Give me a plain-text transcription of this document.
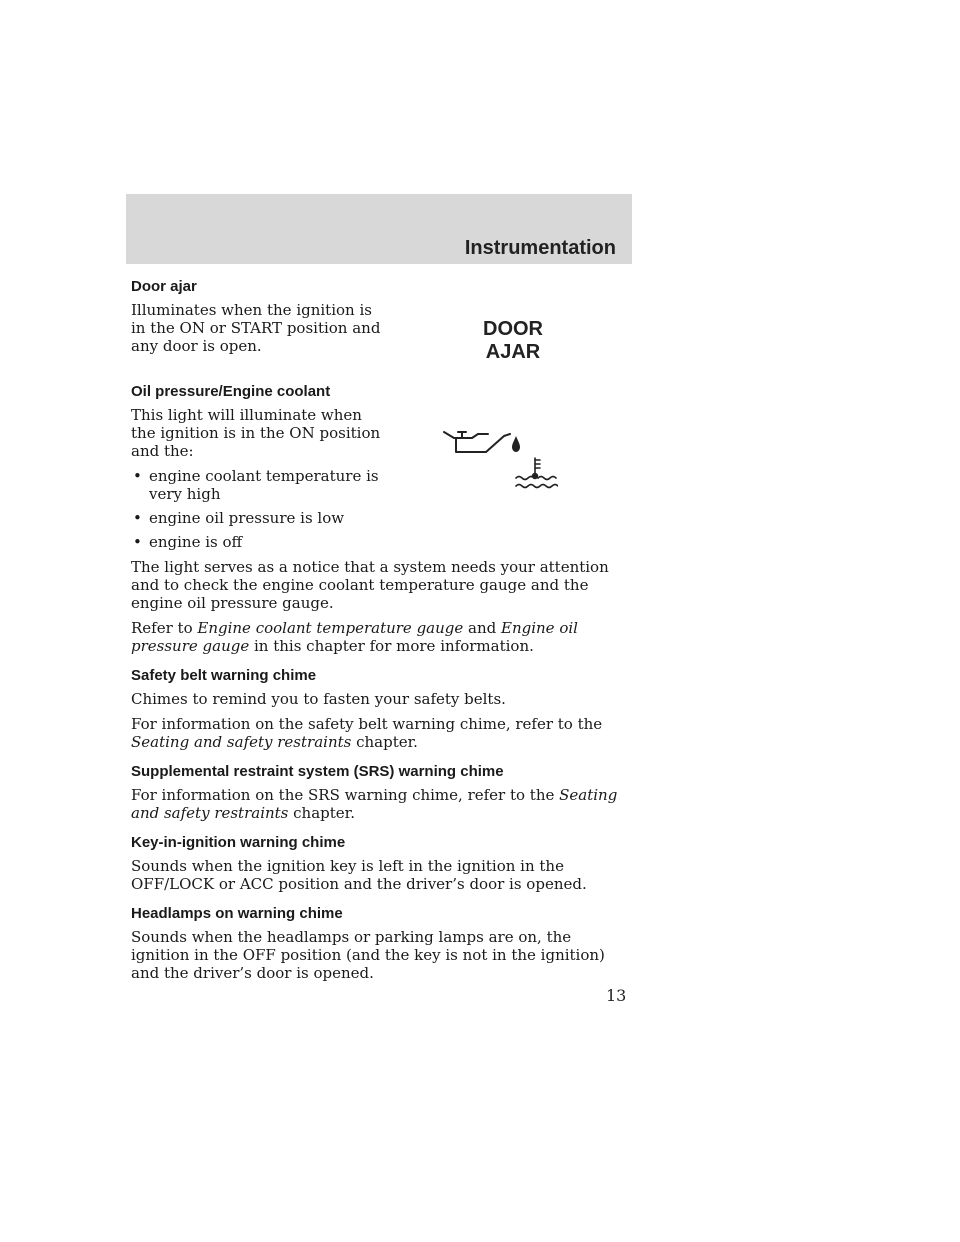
Instrumentation
DOOR
AJAR
Door ajar

Illuminates when the ignition is in the ON or START position and any door is open.

Oil pressure/Engine coolant

This light will illuminate when the ignition is in the ON position and the:

• engine coolant temperature is very high
• engine oil pressure is low
• engine is off

The light serves as a notice that a system needs your attention and to check the engine coolant temperature gauge and the engine oil pressure gauge.

Refer to Engine coolant temperature gauge and Engine oil pressure gauge in this chapter for more information.

Safety belt warning chime

Chimes to remind you to fasten your safety belts.

For information on the safety belt warning chime, refer to the Seating and safety restraints chapter.

Supplemental restraint system (SRS) warning chime

For information on the SRS warning chime, refer to the Seating and safety restraints chapter.

Key-in-ignition warning chime

Sounds when the ignition key is left in the ignition in the OFF/LOCK or ACC position and the driver’s door is opened.

Headlamps on warning chime

Sounds when the headlamps or parking lamps are on, the ignition in the OFF position (and the key is not in the ignition) and the driver’s door is opened.

13
